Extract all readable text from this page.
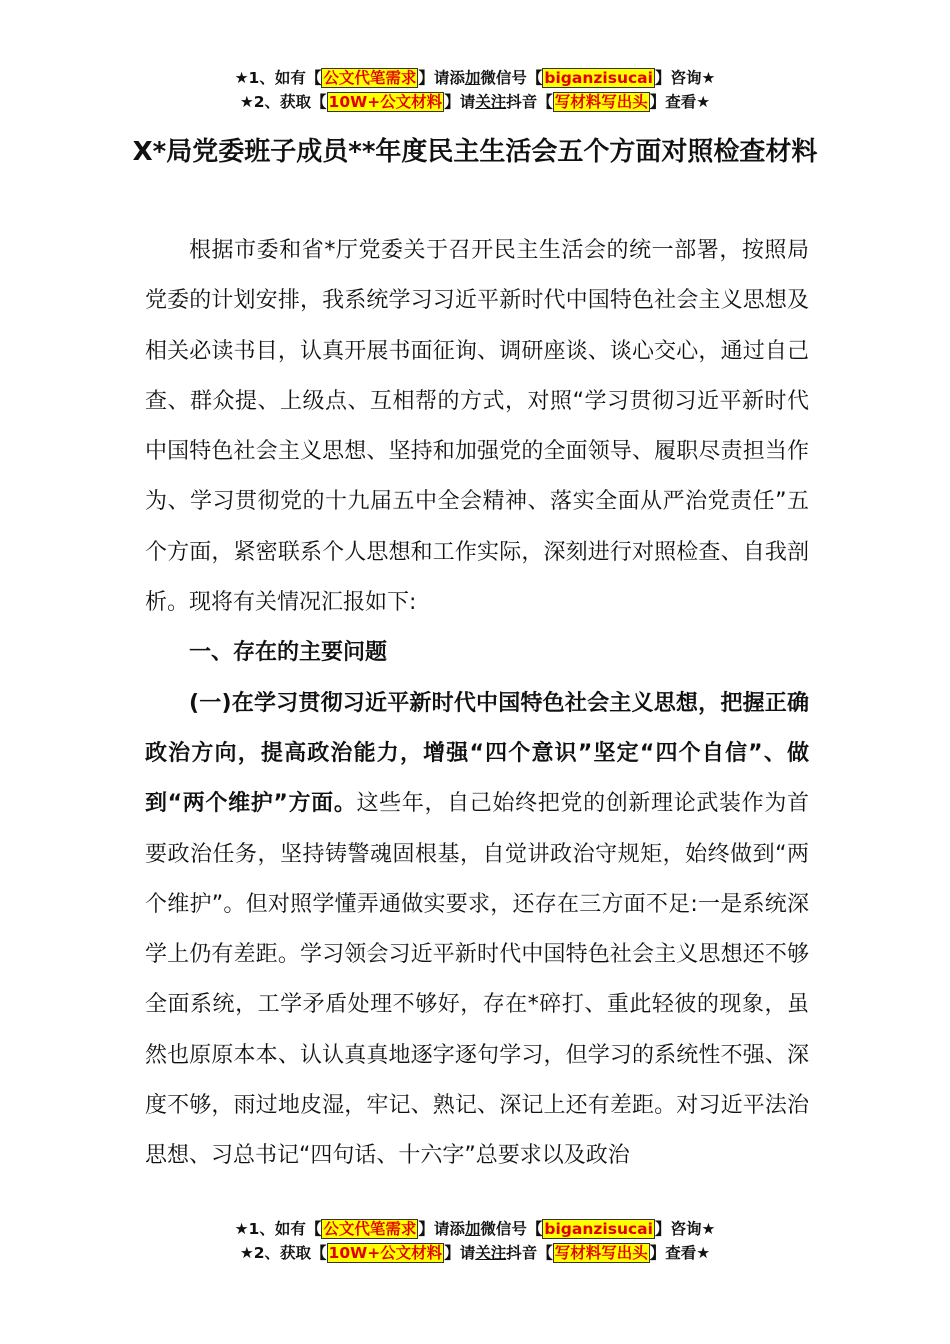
★1、如有【 公文代笔需求 】请添加微信号【 biganzisucai 】咨询★
★2、获取【 10W+公文材料 】请关注抖音【 写材料写出头 】查看★
X*局党委班子成员**年度民主生活会五个方面对照检查材料

根据市委和省*厅党委关于召开民主生活会的统一部署，按照局党委的计划安排，我系统学习习近平新时代中国特色社会主义思想及相关必读书目，认真开展书面征询、调研座谈、谈心交心，通过自己查、群众提、上级点、互相帮的方式，对照“学习贯彻习近平新时代中国特色社会主义思想、坚持和加强党的全面领导、履职尽责担当作为、学习贯彻党的十九届五中全会精神、落实全面从严治党责任”五个方面，紧密联系个人思想和工作实际，深刻进行对照检查、自我剖析。现将有关情况汇报如下:

一、存在的主要问题

(一)在学习贯彻习近平新时代中国特色社会主义思想，把握正确政治方向，提高政治能力，增强“四个意识”坚定“四个自信”、做到“两个维护”方面。这些年，自己始终把党的创新理论武装作为首要政治任务，坚持铸警魂固根基，自觉讲政治守规矩，始终做到“两个维护”。但对照学懂弄通做实要求，还存在三方面不足:一是系统深学上仍有差距。学习领会习近平新时代中国特色社会主义思想还不够全面系统，工学矛盾处理不够好，存在*碎打、重此轻彼的现象，虽然也原原本本、认认真真地逐字逐句学习，但学习的系统性不强、深度不够，雨过地皮湿，牢记、熟记、深记上还有差距。对习近平法治思想、习总书记“四句话、十六字”总要求以及政治

★1、如有【 公文代笔需求 】请添加微信号【 biganzisucai 】咨询★
★2、获取【 10W+公文材料 】请关注抖音【 写材料写出头 】查看★
